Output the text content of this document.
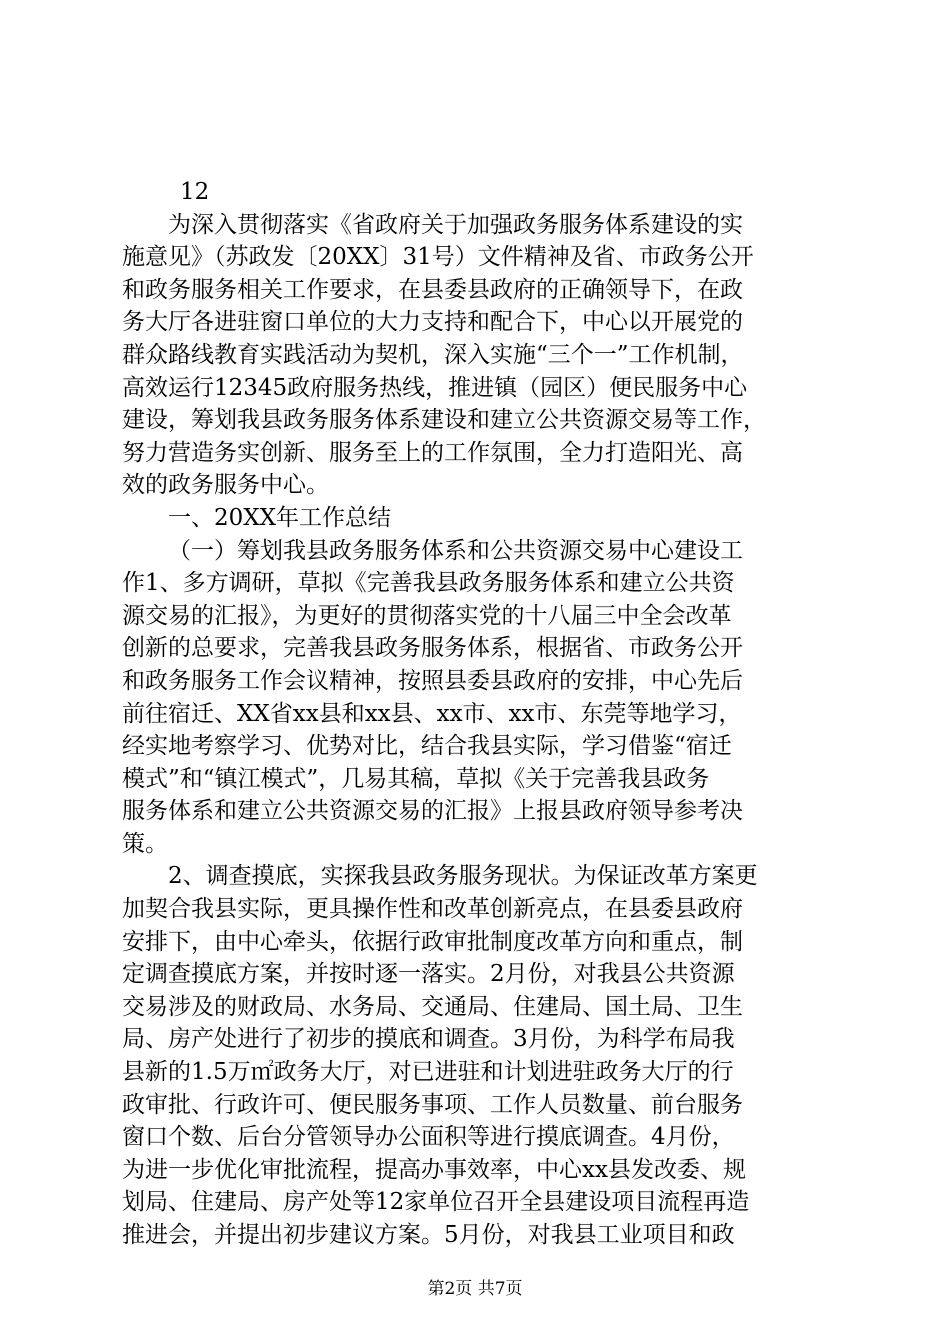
12
为深入贯彻落实《省政府关于加强政务服务体系建设的实
施意见》（苏政发〔20XX〕31号）文件精神及省、市政务公开
和政务服务相关工作要求，在县委县政府的正确领导下，在政
务大厅各进驻窗口单位的大力支持和配合下，中心以开展党的
群众路线教育实践活动为契机，深入实施“三个一”工作机制，
高效运行12345政府服务热线，推进镇（园区）便民服务中心
建设，筹划我县政务服务体系建设和建立公共资源交易等工作，
努力营造务实创新、服务至上的工作氛围，全力打造阳光、高
效的政务服务中心。
一、20XX年工作总结
（一）筹划我县政务服务体系和公共资源交易中心建设工
作1、多方调研，草拟《完善我县政务服务体系和建立公共资
源交易的汇报》，为更好的贯彻落实党的十八届三中全会改革
创新的总要求，完善我县政务服务体系，根据省、市政务公开
和政务服务工作会议精神，按照县委县政府的安排，中心先后
前往宿迁、XX省xx县和xx县、xx市、xx市、东莞等地学习，
经实地考察学习、优势对比，结合我县实际，学习借鉴“宿迁
模式”和“镇江模式”，几易其稿，草拟《关于完善我县政务
服务体系和建立公共资源交易的汇报》上报县政府领导参考决
策。
2、调查摸底，实探我县政务服务现状。为保证改革方案更
加契合我县实际，更具操作性和改革创新亮点，在县委县政府
安排下，由中心牵头，依据行政审批制度改革方向和重点，制
定调查摸底方案，并按时逐一落实。2月份，对我县公共资源
交易涉及的财政局、水务局、交通局、住建局、国土局、卫生
局、房产处进行了初步的摸底和调查。3月份，为科学布局我
县新的1.5万㎡政务大厅，对已进驻和计划进驻政务大厅的行
政审批、行政许可、便民服务事项、工作人员数量、前台服务
窗口个数、后台分管领导办公面积等进行摸底调查。4月份，
为进一步优化审批流程，提高办事效率，中心xx县发改委、规
划局、住建局、房产处等12家单位召开全县建设项目流程再造
推进会，并提出初步建议方案。5月份，对我县工业项目和政
第2页 共7页
